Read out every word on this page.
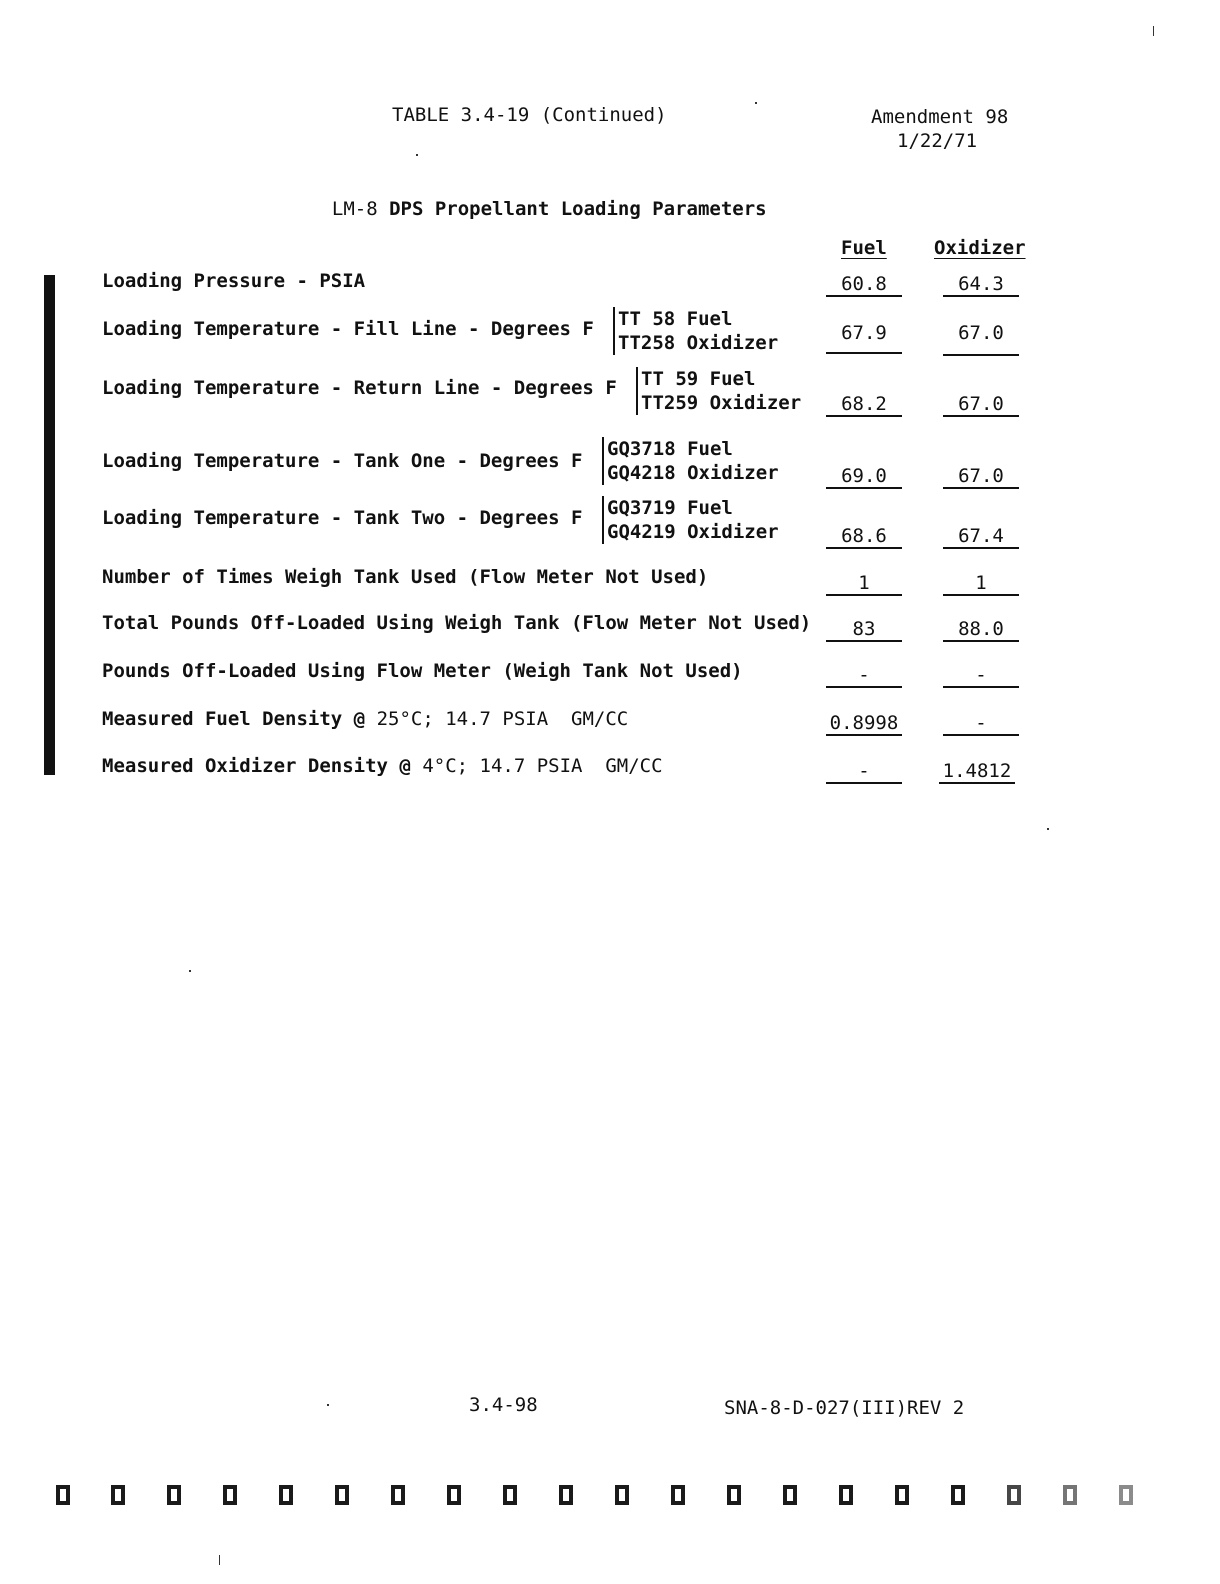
TABLE 3.4-19 (Continued)	Amendment 98
1/22/71

LM-8 DPS Propellant Loading Parameters

Fuel Oxidizer
Loading Pressure - PSIA	60.8	64.3
Loading Temperature - Fill Line - Degrees F TT 58 Fuel
TT258 Oxidizer	67.9	67.0
Loading Temperature - Return Line - Degrees F TT 59 Fuel
TT259 Oxidizer	68.2	67.0
Loading Temperature - Tank One - Degrees F
GQ3718 Fuel
GQ4218 Oxidizer	69.0	67.0
Loading Temperature - Tank Two - Degrees F GQ3719 Fuel
GQ4219 Oxidizer	68.6	67.4
Number of Times Weigh Tank Used (Flow Meter Not Used)	1	1
Total Pounds Off-Loaded Using Weigh Tank (Flow Meter Not Used)	83	88.0
Pounds Off-Loaded Using Flow Meter (Weigh Tank Not Used)	-	-
Measured Fuel Density @ 25°C; 14.7 PSIA  GM/CC	0.8998	-
Measured Oxidizer Density @ 4°C; 14.7 PSIA  GM/CC	-	1.4812
3.4-98	SNA-8-D-027(III)REV 2
